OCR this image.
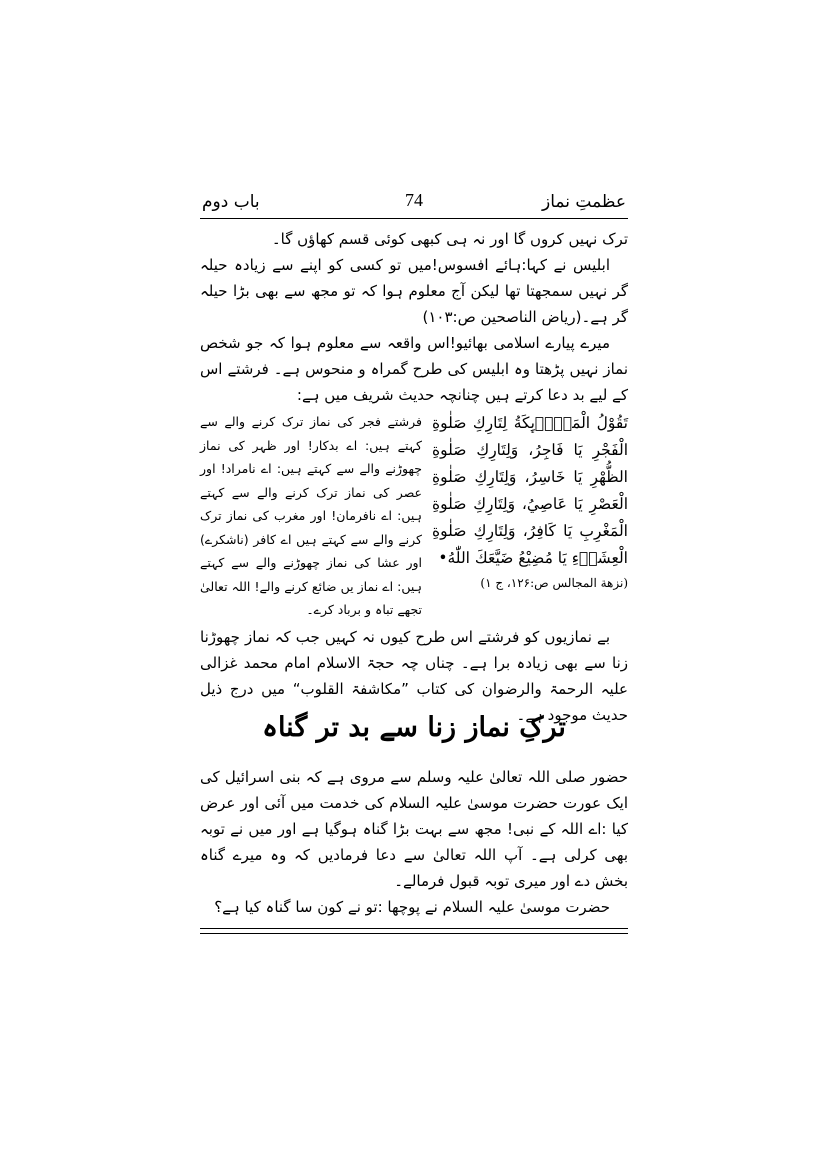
عظمتِ نماز
74
باب دوم

ترک نہیں کروں گا اور نہ ہی کبھی کوئی قسم کھاؤں گا۔

ابلیس نے کہا:ہائے افسوس!میں تو کسی کو اپنے سے زیادہ حیلہ گر نہیں سمجھتا تھا لیکن آج معلوم ہوا کہ تو مجھ سے بھی بڑا حیلہ گر ہے۔(ریاض الناصحین ص:۱۰۳)

میرے پیارے اسلامی بھائیو!اس واقعہ سے معلوم ہوا کہ جو شخص نماز نہیں پڑھتا وہ ابلیس کی طرح گمراہ و منحوس ہے۔ فرشتے اس کے لیے بد دعا کرتے ہیں چنانچہ حدیث شریف میں ہے:

تَقُوْلُ الْمَلَاۗىِٕكَةُ لِتَارِكِ صَلٰوةِ الْفَجْرِ يَا فَاجِرُ، وَلِتَارِكِ صَلٰوةِ الظُّهْرِ يَا خَاسِرُ، وَلِتَارِكِ صَلٰوةِ الْعَصْرِ يَا عَاصِيُ، وَلِتَارِكِ صَلٰوةِ الْمَغْرِبِ يَا كَافِرُ، وَلِتَارِكِ صَلٰوةِ الْعِشَاۗءِ يَا مُضِيْعُ ضَيَّعَكَ اللّٰهُ•

(نزھة المجالس ص:۱۲۶، ج ۱)

فرشتے فجر کی نماز ترک کرنے والے سے کہتے ہیں: اے بدکار! اور ظہر کی نماز چھوڑنے والے سے کہتے ہیں: اے نامراد! اور عصر کی نماز ترک کرنے والے سے کہتے ہیں: اے نافرمان! اور مغرب کی نماز ترک کرنے والے سے کہتے ہیں اے کافر (ناشکرے) اور عشا کی نماز چھوڑنے والے سے کہتے ہیں: اے نماز یں ضائع کرنے والے! اللہ تعالیٰ تجھے تباہ و برباد کرے۔

بے نمازیوں کو فرشتے اس طرح کیوں نہ کہیں جب کہ نماز چھوڑنا زنا سے بھی زیادہ برا ہے۔ چناں چہ حجۃ الاسلام امام محمد غزالی علیہ الرحمۃ والرضوان کی کتاب ”مکاشفۃ القلوب“ میں درج ذیل حدیث موجود ہے۔

ترکِ نماز زنا سے بد تر گناہ

حضور صلی اللہ تعالیٰ علیہ وسلم سے مروی ہے کہ بنی اسرائیل کی ایک عورت حضرت موسیٰ علیہ السلام کی خدمت میں آئی اور عرض کیا :اے اللہ کے نبی! مجھ سے بہت بڑا گناہ ہوگیا ہے اور میں نے توبہ بھی کرلی ہے۔ آپ اللہ تعالیٰ سے دعا فرمادیں کہ وہ میرے گناہ بخش دے اور میری توبہ قبول فرمالے۔

حضرت موسیٰ علیہ السلام نے پوچھا :تو نے کون سا گناہ کیا ہے؟
